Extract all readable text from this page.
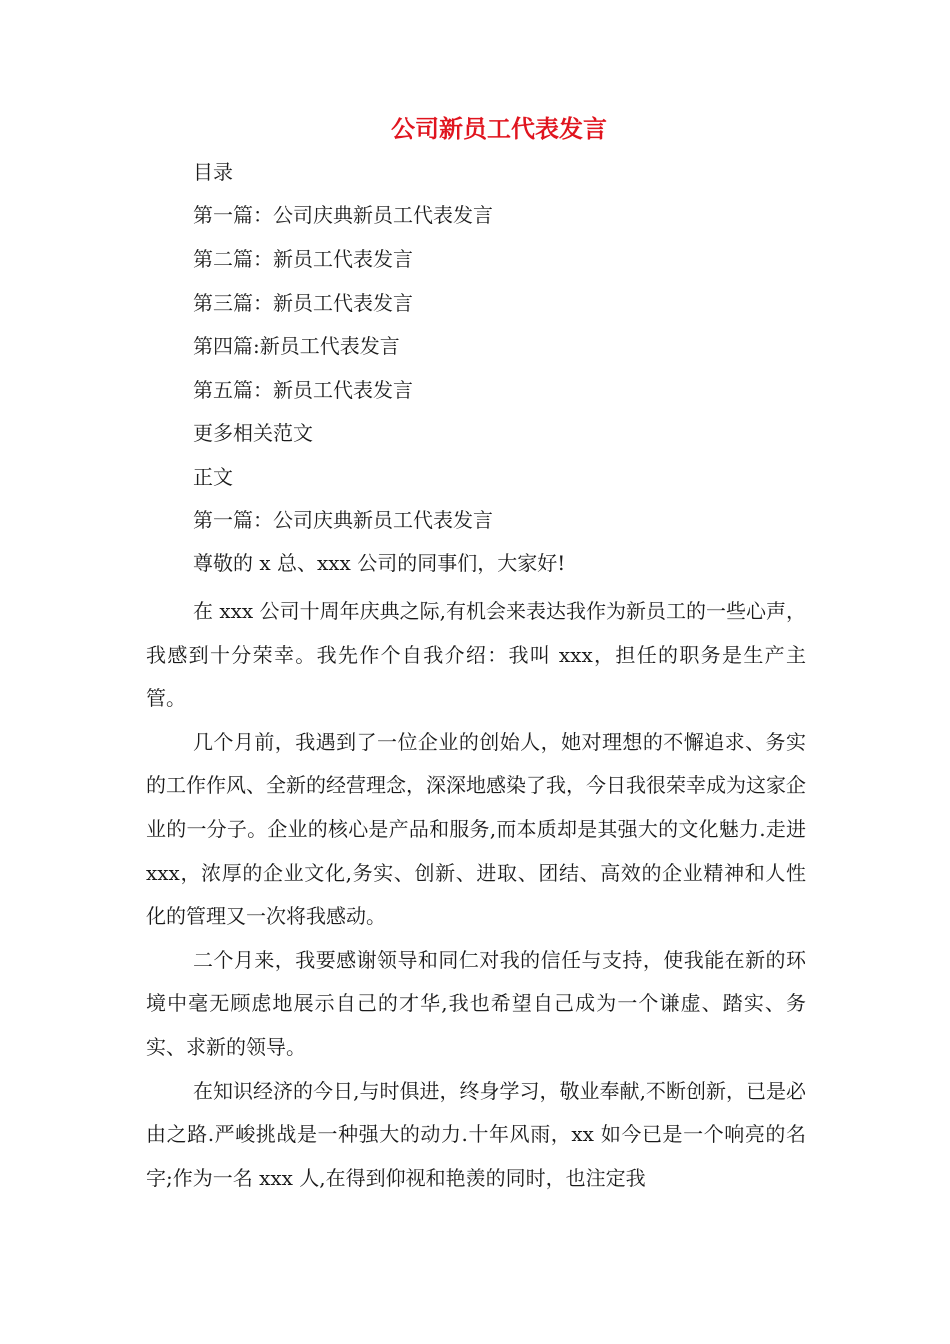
公司新员工代表发言

目录

第一篇：公司庆典新员工代表发言

第二篇：新员工代表发言

第三篇：新员工代表发言

第四篇:新员工代表发言

第五篇：新员工代表发言

更多相关范文

正文

第一篇：公司庆典新员工代表发言

尊敬的 x 总、xxx 公司的同事们，大家好!

在 xxx 公司十周年庆典之际,有机会来表达我作为新员工的一些心声，我感到十分荣幸。我先作个自我介绍：我叫 xxx，担任的职务是生产主管。

几个月前，我遇到了一位企业的创始人，她对理想的不懈追求、务实的工作作风、全新的经营理念，深深地感染了我，今日我很荣幸成为这家企业的一分子。企业的核心是产品和服务,而本质却是其强大的文化魅力.走进 xxx，浓厚的企业文化,务实、创新、进取、团结、高效的企业精神和人性化的管理又一次将我感动。

二个月来，我要感谢领导和同仁对我的信任与支持，使我能在新的环境中毫无顾虑地展示自己的才华,我也希望自己成为一个谦虚、踏实、务实、求新的领导。

在知识经济的今日,与时俱进，终身学习，敬业奉献,不断创新，已是必由之路.严峻挑战是一种强大的动力.十年风雨，xx 如今已是一个响亮的名字;作为一名 xxx 人,在得到仰视和艳羡的同时，也注定我
